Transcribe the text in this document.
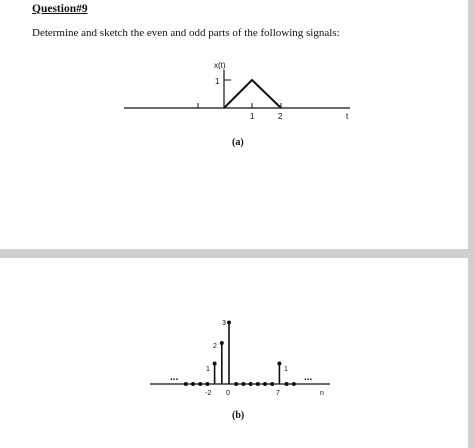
Question#9
Determine and sketch the even and odd parts of the following signals:
x(t)
1
1	2	t
(a)
...	...
3
2
1	1
-2 0	7	n
(b)
